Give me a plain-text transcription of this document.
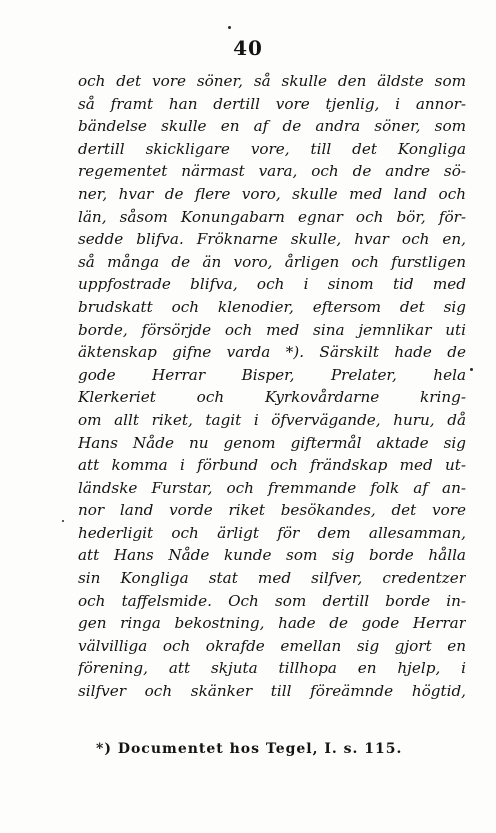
40
och det vore söner, så skulle den äldste som
så framt han dertill vore tjenlig, i annor-
bändelse skulle en af de andra söner, som
dertill skickligare vore, till det Kongliga
regementet närmast vara, och de andre sö-
ner, hvar de flere voro, skulle med land och
län, såsom Konungabarn egnar och bör, för-
sedde blifva. Fröknarne skulle, hvar och en,
så många de än voro, årligen och furstligen
uppfostrade blifva, och i sinom tid med
brudskatt och klenodier, eftersom det sig
borde, försörjde och med sina jemnlikar uti
äktenskap gifne varda *). Särskilt hade de
gode Herrar Bisper, Prelater, hela
Klerkeriet och Kyrkovårdarne kring-
om allt riket, tagit i öfvervägande, huru, då
Hans Nåde nu genom giftermål aktade sig
att komma i förbund och frändskap med ut-
ländske Furstar, och fremmande folk af an-
nor land vorde riket besökandes, det vore
hederligit och ärligt för dem allesamman,
att Hans Nåde kunde som sig borde hålla
sin Kongliga stat med silfver, credentzer
och taffelsmide. Och som dertill borde in-
gen ringa bekostning, hade de gode Herrar
välvilliga och okrafde emellan sig gjort en
förening, att skjuta tillhopa en hjelp, i
silfver och skänker till föreämnde högtid,
*) Documentet hos Tegel, I. s. 115.
